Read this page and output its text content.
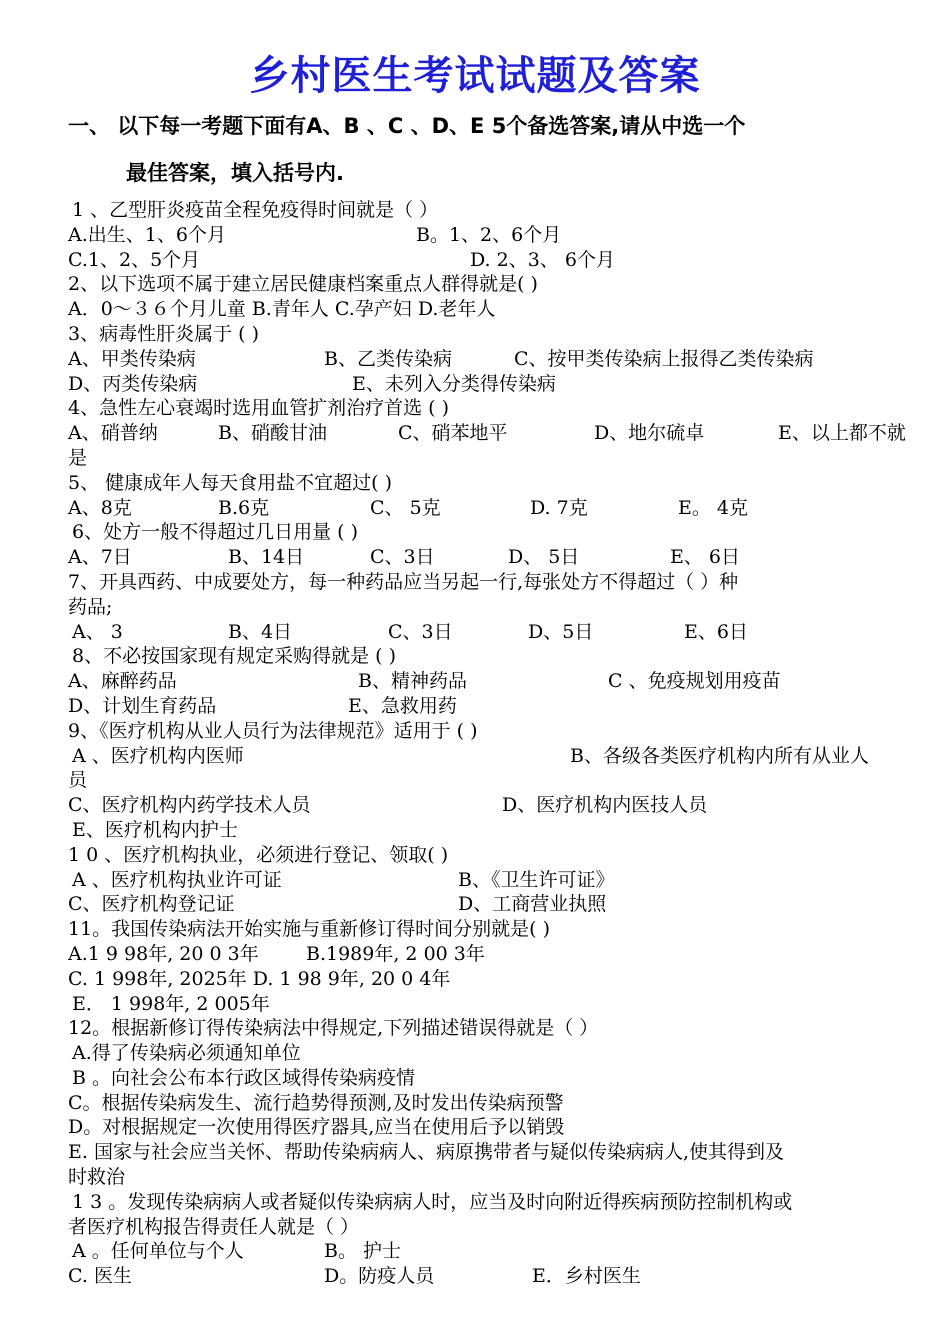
乡村医生考试试题及答案
一、 以下每一考题下面有A、B 、C 、D、E 5个备选答案,请从中选一个
最佳答案，填入括号内.
1 、乙型肝炎疫苗全程免疫得时间就是（ ）
A.出生、1、6个月	B。1、2、6个月
C.1、2、5个月	D. 2、3、 6个月
2、以下选项不属于建立居民健康档案重点人群得就是( )
A．0～３６个月儿童 B.青年人 C.孕产妇 D.老年人
3、病毒性肝炎属于 ( )
A、甲类传染病	B、乙类传染病	C、按甲类传染病上报得乙类传染病
D、丙类传染病	E、未列入分类得传染病
4、急性左心衰竭时选用血管扩剂治疗首选 ( )
A、硝普纳	B、硝酸甘油	C、硝苯地平	D、地尔硫卓	E、以上都不就
是
5、 健康成年人每天食用盐不宜超过( )
A、8克	B.6克	C、 5克	D. 7克	E。 4克
6、处方一般不得超过几日用量 ( )
A、7日	B、14日	C、3日	D、 5日	E、 6日
7、开具西药、中成要处方，每一种药品应当另起一行,每张处方不得超过（ ）种
药品;
A、 3	B、4日	C、3日	D、5日	E、6日
8、不必按国家现有规定采购得就是 ( )
A、麻醉药品	B、精神药品	C 、免疫规划用疫苗
D、计划生育药品	E、急救用药
9、《医疗机构从业人员行为法律规范》适用于 ( )
A 、医疗机构内医师	B、各级各类医疗机构内所有从业人
员
C、医疗机构内药学技术人员	D、医疗机构内医技人员
E、医疗机构内护士
1 0 、医疗机构执业，必须进行登记、领取( )
A 、医疗机构执业许可证	B、《卫生许可证》
C、医疗机构登记证	D、工商营业执照
11。我国传染病法开始实施与重新修订得时间分别就是( )
A.1 9 98年, 20 0 3年 B.1989年, 2 00 3年
C. 1 998年, 2025年 D. 1 98 9年, 20 0 4年
E． 1 998年, 2 005年
12。根据新修订得传染病法中得规定,下列描述错误得就是（ ）
A.得了传染病必须通知单位
B 。向社会公布本行政区域得传染病疫情
C。根据传染病发生、流行趋势得预测,及时发出传染病预警
D。对根据规定一次使用得医疗器具,应当在使用后予以销毁
E. 国家与社会应当关怀、帮助传染病病人、病原携带者与疑似传染病病人,使其得到及
时救治
1 3 。发现传染病病人或者疑似传染病病人时，应当及时向附近得疾病预防控制机构或
者医疗机构报告得责任人就是（ ）
A 。任何单位与个人	B。 护士
C. 医生	D。防疫人员	E．乡村医生
